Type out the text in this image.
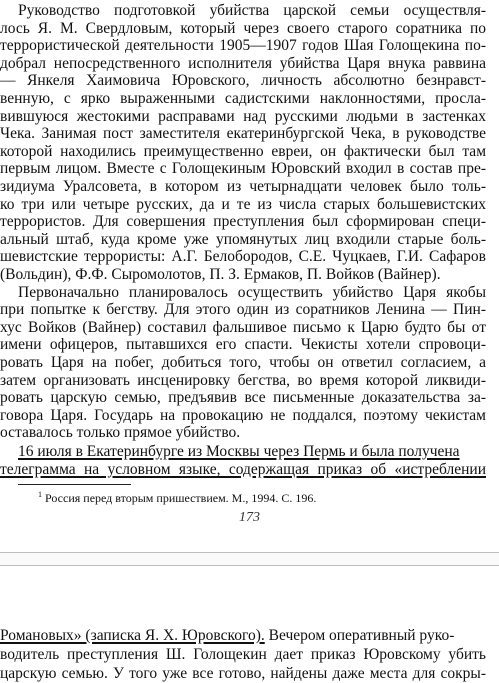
Руководство подготовкой убийства царской семьи осуществля-
лось Я. М. Свердловым, который через своего старого соратника по
террористической деятельности 1905—1907 годов Шая Голощекина по-
добрал непосредственного исполнителя убийства Царя внука раввина
— Янкеля Хаимовича Юровского, личность абсолютно безнравст-
венную, с ярко выраженными садистскими наклонностями, просла-
вившуюся жестокими расправами над русскими людьми в застенках
Чека. Занимая пост заместителя екатеринбургской Чека, в руководстве
которой находились преимущественно евреи, он фактически был там
первым лицом. Вместе с Голощекиным Юровский входил в состав пре-
зидиума Уралсовета, в котором из четырнадцати человек было толь-
ко три или четыре русских, да и те из числа старых большевистских
террористов. Для совершения преступления был сформирован специ-
альный штаб, куда кроме уже упомянутых лиц входили старые боль-
шевистские террористы: А.Г. Белобородов, С.Е. Чуцкаев, Г.И. Сафаров
(Вольдин), Ф.Ф. Сыромолотов, П. З. Ермаков, П. Войков (Вайнер).
Первоначально планировалось осуществить убийство Царя якобы
при попытке к бегству. Для этого один из соратников Ленина — Пин-
хус Войков (Вайнер) составил фальшивое письмо к Царю будто бы от
имени офицеров, пытавшихся его спасти. Чекисты хотели спровоци-
ровать Царя на побег, добиться того, чтобы он ответил согласием, а
затем организовать инсценировку бегства, во время которой ликвиди-
ровать царскую семью, предъявив все письменные доказательства за-
говора Царя. Государь на провокацию не поддался, поэтому чекистам
оставалось только прямое убийство.
16 июля в Екатеринбурге из Москвы через Пермь и была получена
телеграмма на условном языке, содержащая приказ об «истреблении
$^1$ Россия перед вторым пришествием. М., 1994. С. 196.
173
Романовых» (записка Я. Х. Юровского). Вечером оперативный руко-
водитель преступления Ш. Голощекин дает приказ Юровскому убить
царскую семью. У того уже все готово, найдены даже места для сокры-
